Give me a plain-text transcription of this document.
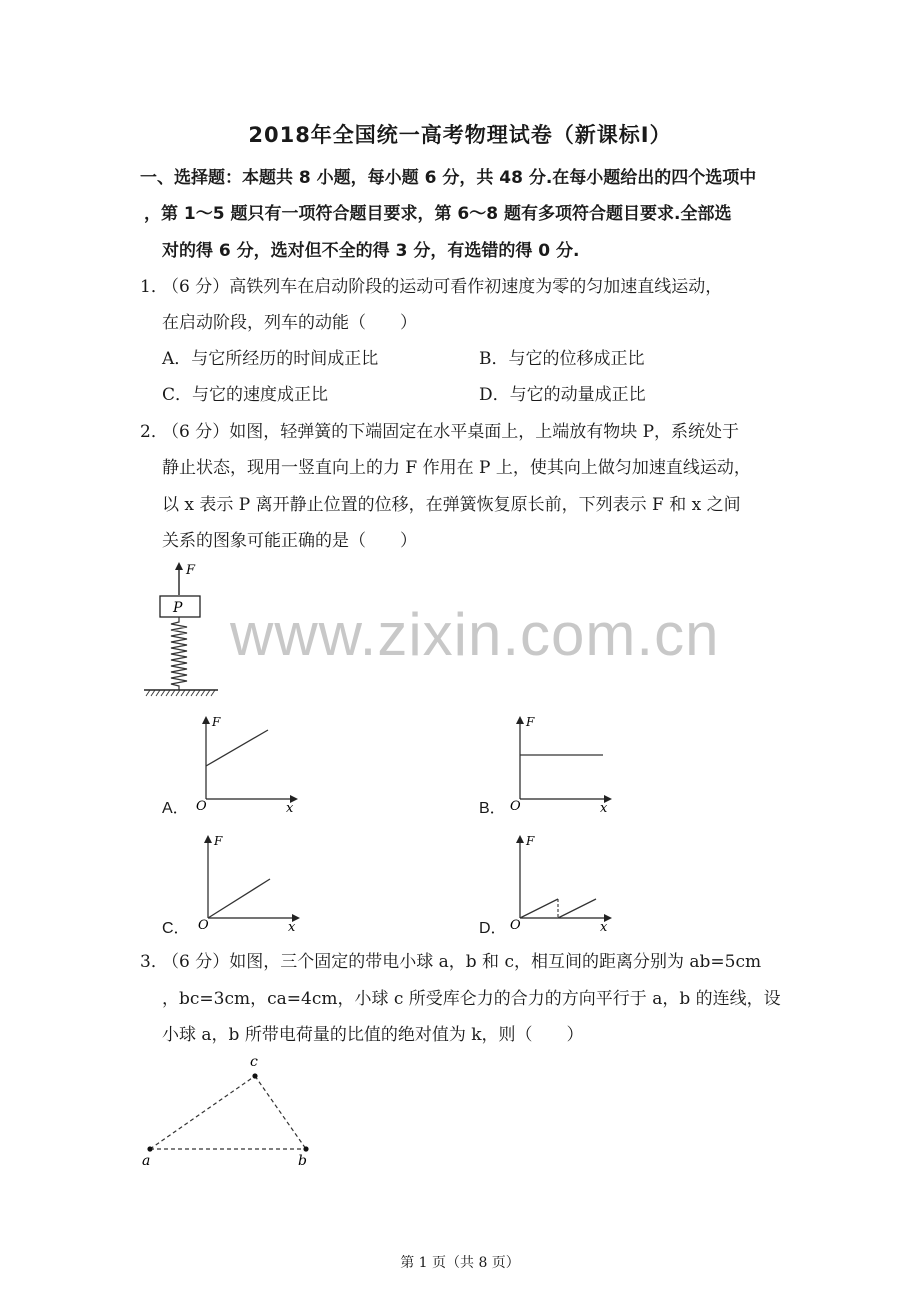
2018年全国统一高考物理试卷（新课标Ⅰ）
一、选择题：本题共 8 小题，每小题 6 分，共 48 分.在每小题给出的四个选项中
，第 1～5 题只有一项符合题目要求，第 6～8 题有多项符合题目要求.全部选
对的得 6 分，选对但不全的得 3 分，有选错的得 0 分.
1．
（6 分）高铁列车在启动阶段的运动可看作初速度为零的匀加速直线运动，
在启动阶段，列车的动能（　　）
A．与它所经历的时间成正比	B．与它的位移成正比
C．与它的速度成正比	D．与它的动量成正比
2．
（6 分）如图，轻弹簧的下端固定在水平桌面上，上端放有物块 P，系统处于
静止状态，现用一竖直向上的力 F 作用在 P 上，使其向上做匀加速直线运动，
以 x 表示 P 离开静止位置的位移，在弹簧恢复原长前，下列表示 F 和 x 之间
关系的图象可能正确的是（　　）
F
P www.zixin.com.cn
A．
F
O	x	B．
F
O	x
C．
F
O	x	D．
F
O	x
3．
（6 分）如图，三个固定的带电小球 a，b 和 c，相互间的距离分别为 ab=5cm
，bc=3cm，ca=4cm，小球 c 所受库仑力的合力的方向平行于 a，b 的连线，设
小球 a，b 所带电荷量的比值的绝对值为 k，则（　　）
a	b
c
第 1 页（共 8 页）
